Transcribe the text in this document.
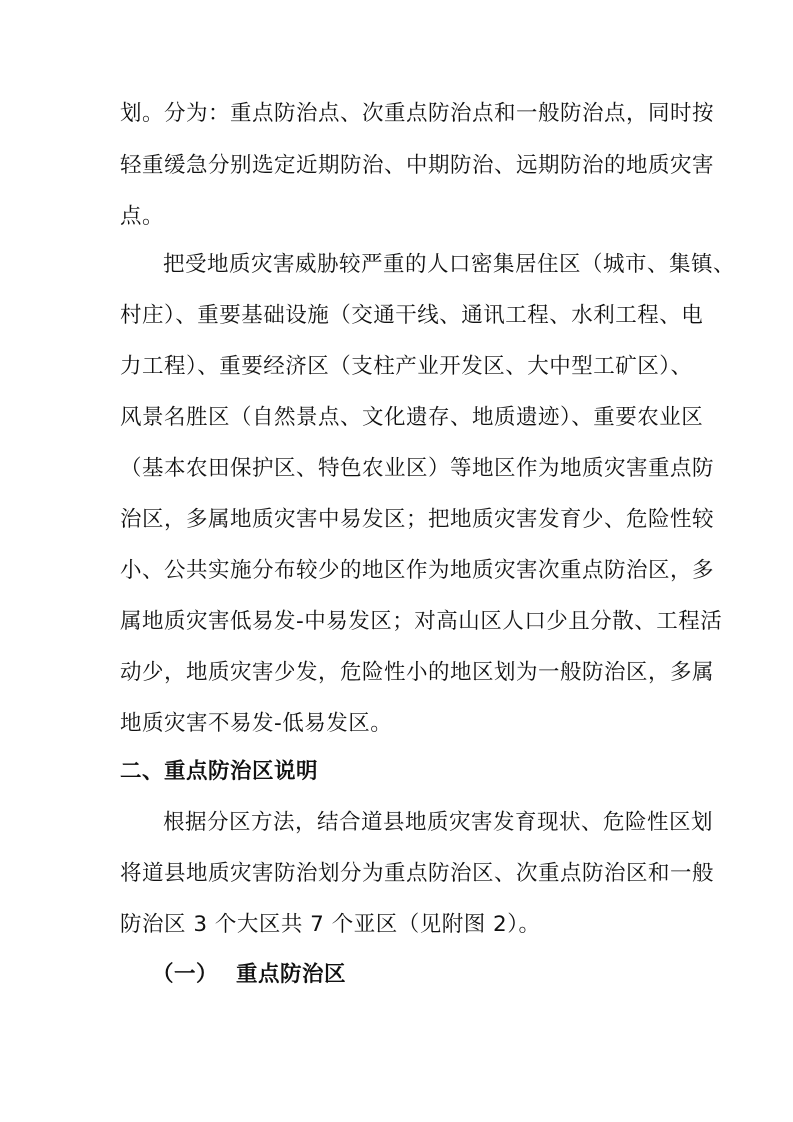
划。分为：重点防治点、次重点防治点和一般防治点，同时按
轻重缓急分别选定近期防治、中期防治、远期防治的地质灾害
点。
把受地质灾害威胁较严重的人口密集居住区（城市、集镇、
村庄）、重要基础设施（交通干线、通讯工程、水利工程、电
力工程）、重要经济区（支柱产业开发区、大中型工矿区）、
风景名胜区（自然景点、文化遗存、地质遗迹）、重要农业区
（基本农田保护区、特色农业区）等地区作为地质灾害重点防
治区，多属地质灾害中易发区；把地质灾害发育少、危险性较
小、公共实施分布较少的地区作为地质灾害次重点防治区，多
属地质灾害低易发-中易发区；对高山区人口少且分散、工程活
动少，地质灾害少发，危险性小的地区划为一般防治区，多属
地质灾害不易发-低易发区。
二、重点防治区说明
根据分区方法，结合道县地质灾害发育现状、危险性区划
将道县地质灾害防治划分为重点防治区、次重点防治区和一般
防治区 3 个大区共 7 个亚区（见附图 2）。
（一） 重点防治区
